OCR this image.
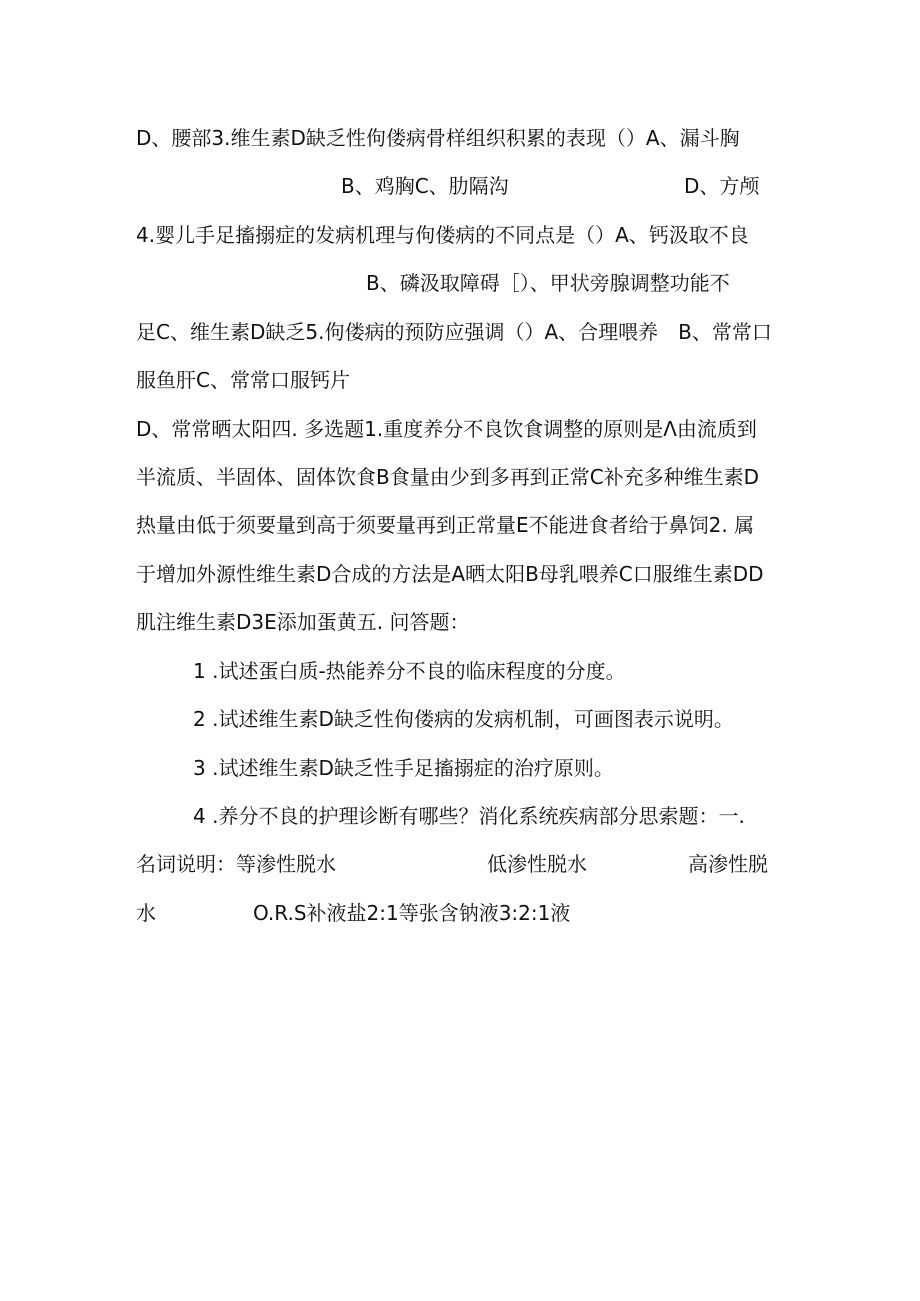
D、腰部3.维生素D缺乏性佝偻病骨样组织积累的表现（）A、漏斗胸
B、鸡胸C、肋隔沟	D、方颅
4.婴儿手足搐搦症的发病机理与佝偻病的不同点是（）A、钙汲取不良
B、磷汲取障碍［）、甲状旁腺调整功能不
足C、维生素D缺乏5.佝偻病的预防应强调（）A、合理喂养　B、常常口
服鱼肝C、常常口服钙片
D、常常晒太阳四. 多选题1.重度养分不良饮食调整的原则是Λ由流质到
半流质、半固体、固体饮食B食量由少到多再到正常C补充多种维生素D
热量由低于须要量到高于须要量再到正常量E不能进食者给于鼻饲2. 属
于增加外源性维生素D合成的方法是A晒太阳B母乳喂养C口服维生素DD
肌注维生素D3E添加蛋黄五. 问答题：
1 .试述蛋白质-热能养分不良的临床程度的分度。
2 .试述维生素D缺乏性佝偻病的发病机制，可画图表示说明。
3 .试述维生素D缺乏性手足搐搦症的治疗原则。
4 .养分不良的护理诊断有哪些？消化系统疾病部分思索题：一.
名词说明：等渗性脱水	低渗性脱水	高渗性脱
水	O.R.S补液盐2:1等张含钠液3:2:1液
